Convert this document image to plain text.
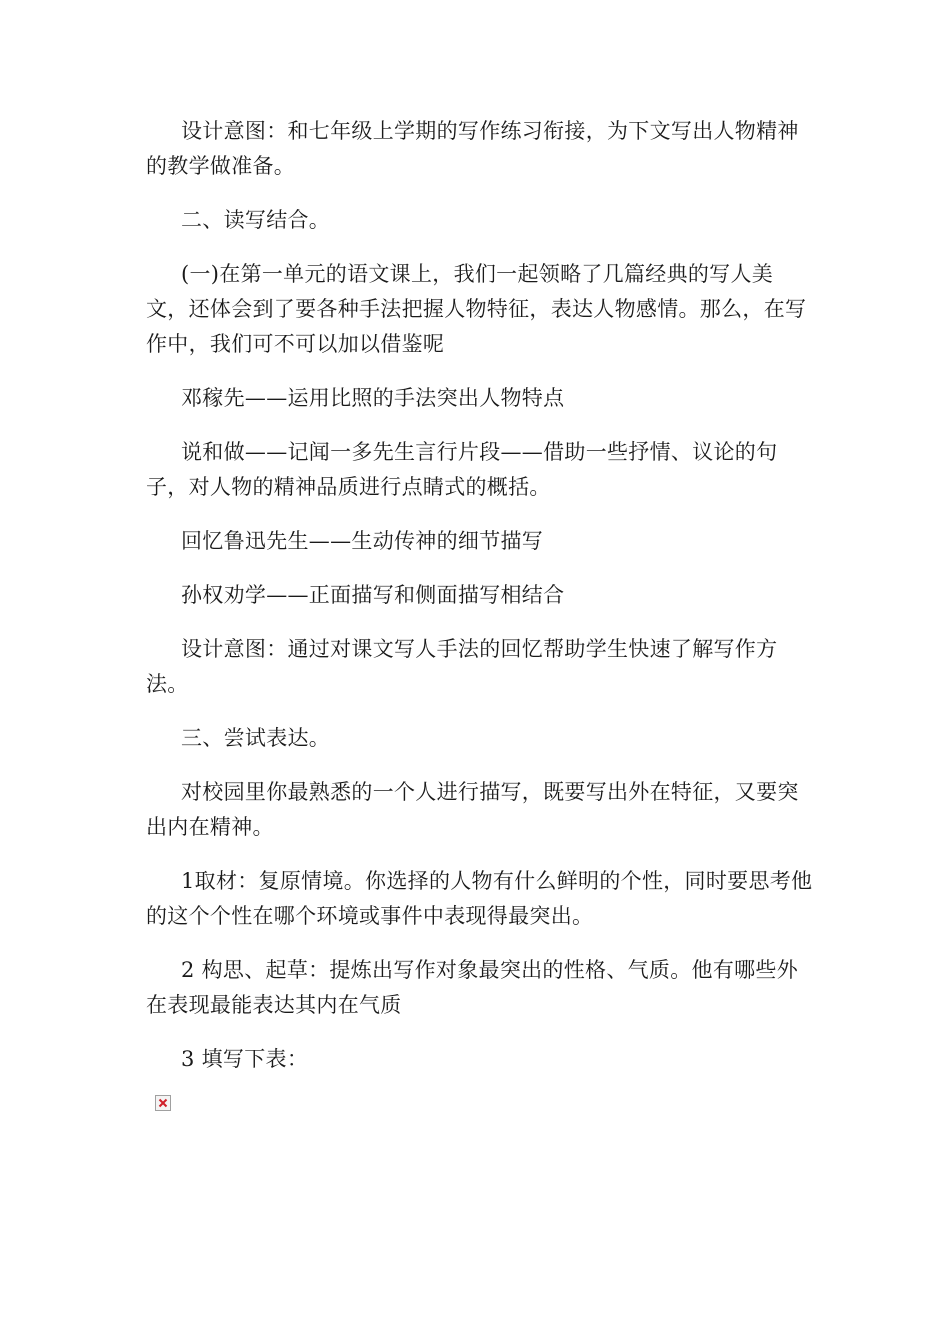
设计意图：和七年级上学期的写作练习衔接，为下文写出人物精神的教学做准备。

二、读写结合。

(一)在第一单元的语文课上，我们一起领略了几篇经典的写人美文，还体会到了要各种手法把握人物特征，表达人物感情。那么，在写作中，我们可不可以加以借鉴呢

邓稼先——运用比照的手法突出人物特点

说和做——记闻一多先生言行片段——借助一些抒情、议论的句子，对人物的精神品质进行点睛式的概括。

回忆鲁迅先生——生动传神的细节描写

孙权劝学——正面描写和侧面描写相结合

设计意图：通过对课文写人手法的回忆帮助学生快速了解写作方法。

三、尝试表达。

对校园里你最熟悉的一个人进行描写，既要写出外在特征，又要突出内在精神。

1取材：复原情境。你选择的人物有什么鲜明的个性，同时要思考他的这个个性在哪个环境或事件中表现得最突出。

2 构思、起草：提炼出写作对象最突出的性格、气质。他有哪些外在表现最能表达其内在气质

3 填写下表：
